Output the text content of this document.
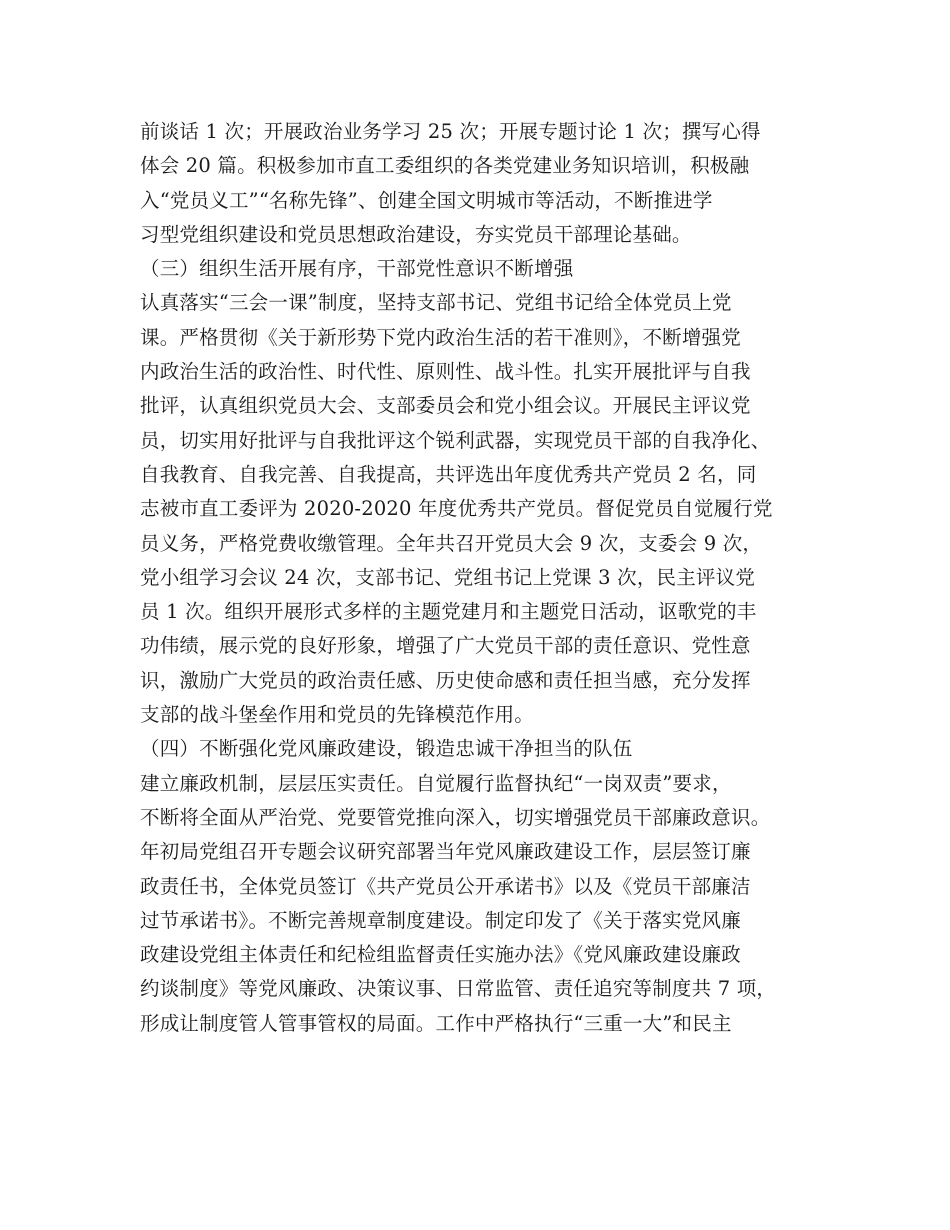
前谈话 1 次；开展政治业务学习 25 次；开展专题讨论 1 次；撰写心得
体会 20 篇。积极参加市直工委组织的各类党建业务知识培训，积极融
入“党员义工”“名称先锋”、创建全国文明城市等活动，不断推进学
习型党组织建设和党员思想政治建设，夯实党员干部理论基础。
（三）组织生活开展有序，干部党性意识不断增强
认真落实“三会一课”制度，坚持支部书记、党组书记给全体党员上党
课。严格贯彻《关于新形势下党内政治生活的若干准则》，不断增强党
内政治生活的政治性、时代性、原则性、战斗性。扎实开展批评与自我
批评，认真组织党员大会、支部委员会和党小组会议。开展民主评议党
员，切实用好批评与自我批评这个锐利武器，实现党员干部的自我净化、
自我教育、自我完善、自我提高，共评选出年度优秀共产党员 2 名，同
志被市直工委评为 2020-2020 年度优秀共产党员。督促党员自觉履行党
员义务，严格党费收缴管理。全年共召开党员大会 9 次，支委会 9 次，
党小组学习会议 24 次，支部书记、党组书记上党课 3 次，民主评议党
员 1 次。组织开展形式多样的主题党建月和主题党日活动，讴歌党的丰
功伟绩，展示党的良好形象，增强了广大党员干部的责任意识、党性意
识，激励广大党员的政治责任感、历史使命感和责任担当感，充分发挥
支部的战斗堡垒作用和党员的先锋模范作用。
（四）不断强化党风廉政建设，锻造忠诚干净担当的队伍
建立廉政机制，层层压实责任。自觉履行监督执纪“一岗双责”要求，
不断将全面从严治党、党要管党推向深入，切实增强党员干部廉政意识。
年初局党组召开专题会议研究部署当年党风廉政建设工作，层层签订廉
政责任书，全体党员签订《共产党员公开承诺书》以及《党员干部廉洁
过节承诺书》。不断完善规章制度建设。制定印发了《关于落实党风廉
政建设党组主体责任和纪检组监督责任实施办法》《党风廉政建设廉政
约谈制度》等党风廉政、决策议事、日常监管、责任追究等制度共 7 项，
形成让制度管人管事管权的局面。工作中严格执行“三重一大”和民主
